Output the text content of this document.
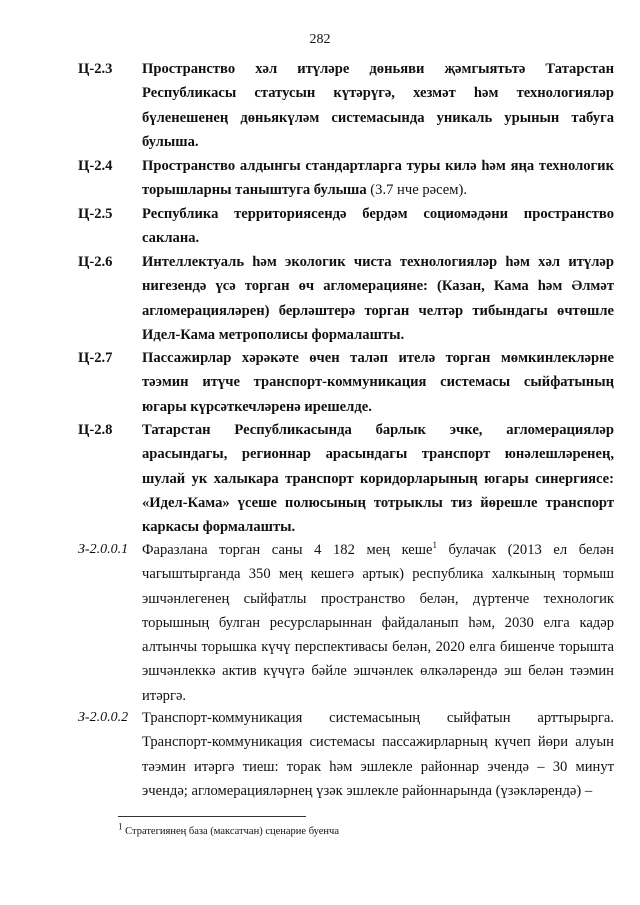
282
Ц-2.3	Пространство хәл итүләре дөньяви җәмгыятьтә Татарстан Республикасы статусын күтәрүгә, хезмәт һәм технологияләр бүленешенең дөньякүләм системасында уникаль урынын табуга булыша.
Ц-2.4	Пространство алдынгы стандартларга туры килә һәм яңа технологик торышларны таныштуга булыша (3.7 нче рәсем).
Ц-2.5	Республика территориясендә бердәм социомәдәни пространство саклана.
Ц-2.6	Интеллектуаль һәм экологик чиста технологияләр һәм хәл итүләр нигезендә үсә торган өч агломерациянe: (Казан, Кама һәм Әлмәт агломерацияләрен) берләштерә торган челтәр тибындагы өчтөшле Идел-Кама метрополисы формалашты.
Ц-2.7	Пассажирлар хәрәкәте өчен таләп ителә торган мөмкинлекләрне тәэмин итүче транспорт-коммуникация системасы сыйфатының югары күрсәткечләренә ирешелде.
Ц-2.8	Татарстан Республикасында барлык эчке, агломерацияләр арасындагы, регионнар арасындагы транспорт юнәлешләренең, шулай ук халыкара транспорт коридорларының югары синергиясе: «Идел-Кама» үсеше полюсының тотрыклы тиз йөрешле транспорт каркасы формалашты.
З-2.0.0.1 Фаразлана торган саны 4 182 мең кеше$^1$ булачак (2013 ел белән чагыштырганда 350 мең кешегә артык) республика халкының тормыш эшчәнлегенең сыйфатлы пространство белән, дүртенче технологик торышның булган ресурсларыннан файдаланып һәм, 2030 елга кадәр алтынчы торышка күчү перспективасы белән, 2020 елга бишенче торышта эшчәнлеккә актив күчүгә бәйле эшчәнлек өлкәләрендә эш белән тәэмин итәргә.
З-2.0.0.2 Транспорт-коммуникация системасының сыйфатын арттырырга. Транспорт-коммуникация системасы пассажирларның күчеп йөри алуын тәэмин итәргә тиеш: торак һәм эшлекле районнар эчендә – 30 минут эчендә; агломерацияләрнең үзәк эшлекле районнарында (үзәкләрендә) –
$^1$ Стратегиянең база (максатчан) сценарие буенча
